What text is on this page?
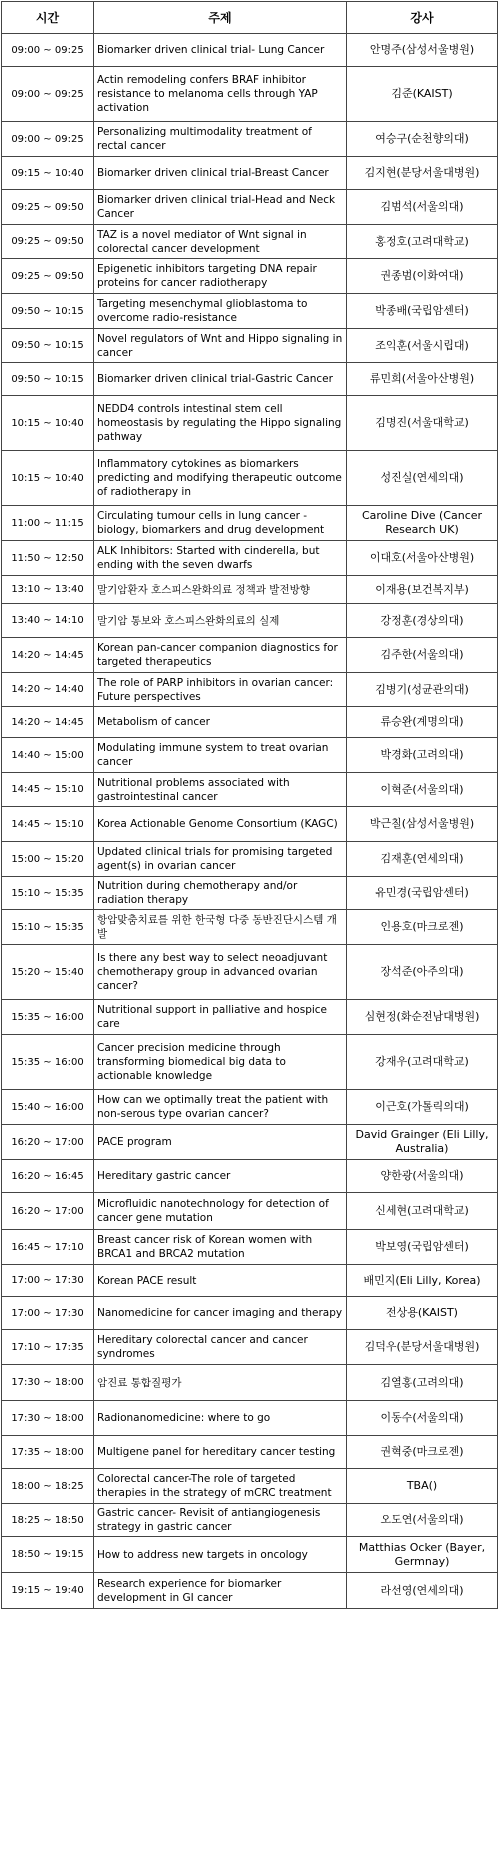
시간	주제	강사
09:00 ~ 09:25	Biomarker driven clinical trial- Lung Cancer	안명주(삼성서울병원)
09:00 ~ 09:25	Actin remodeling confers BRAF inhibitor resistance to melanoma cells through YAP activation	김준(KAIST)
09:00 ~ 09:25	Personalizing multimodality treatment of rectal cancer	여승구(순천향의대)
09:15 ~ 10:40	Biomarker driven clinical trial-Breast Cancer	김지현(분당서울대병원)
09:25 ~ 09:50	Biomarker driven clinical trial-Head and Neck Cancer	김범석(서울의대)
09:25 ~ 09:50	TAZ is a novel mediator of Wnt signal in colorectal cancer development	홍정호(고려대학교)
09:25 ~ 09:50	Epigenetic inhibitors targeting DNA repair proteins for cancer radiotherapy	권종범(이화여대)
09:50 ~ 10:15	Targeting mesenchymal glioblastoma to overcome radio-resistance	박종배(국립암센터)
09:50 ~ 10:15	Novel regulators of Wnt and Hippo signaling in cancer	조익훈(서울시립대)
09:50 ~ 10:15	Biomarker driven clinical trial-Gastric Cancer	류민희(서울아산병원)
10:15 ~ 10:40	NEDD4 controls intestinal stem cell homeostasis by regulating the Hippo signaling pathway	김명진(서울대학교)
10:15 ~ 10:40	Inflammatory cytokines as biomarkers predicting and modifying therapeutic outcome of radiotherapy in	성진실(연세의대)
11:00 ~ 11:15	Circulating tumour cells in lung cancer - biology, biomarkers and drug development	Caroline Dive (Cancer Research UK)
11:50 ~ 12:50	ALK Inhibitors: Started with cinderella, but ending with the seven dwarfs	이대호(서울아산병원)
13:10 ~ 13:40	말기암환자 호스피스완화의료 정책과 발전방향	이재용(보건복지부)
13:40 ~ 14:10	말기암 통보와 호스피스완화의료의 실제	강정훈(경상의대)
14:20 ~ 14:45	Korean pan-cancer companion diagnostics for targeted therapeutics	김주한(서울의대)
14:20 ~ 14:40	The role of PARP inhibitors in ovarian cancer: Future perspectives	김병기(성균관의대)
14:20 ~ 14:45	Metabolism of cancer	류승완(계명의대)
14:40 ~ 15:00	Modulating immune system to treat ovarian cancer	박경화(고려의대)
14:45 ~ 15:10	Nutritional problems associated with gastrointestinal cancer	이혁준(서울의대)
14:45 ~ 15:10	Korea Actionable Genome Consortium (KAGC)	박근칠(삼성서울병원)
15:00 ~ 15:20	Updated clinical trials for promising targeted agent(s) in ovarian cancer	김재훈(연세의대)
15:10 ~ 15:35	Nutrition during chemotherapy and/or radiation therapy	유민경(국립암센터)
15:10 ~ 15:35	항암맞춤치료를 위한 한국형 다중 동반진단시스템 개발	인용호(마크로젠)
15:20 ~ 15:40	Is there any best way to select neoadjuvant chemotherapy group in advanced ovarian cancer?	장석준(아주의대)
15:35 ~ 16:00	Nutritional support in palliative and hospice care	심현정(화순전남대병원)
15:35 ~ 16:00	Cancer precision medicine through transforming biomedical big data to actionable knowledge	강재우(고려대학교)
15:40 ~ 16:00	How can we optimally treat the patient with non-serous type ovarian cancer?	이근호(가톨릭의대)
16:20 ~ 17:00	PACE program	David Grainger (Eli Lilly, Australia)
16:20 ~ 16:45	Hereditary gastric cancer	양한광(서울의대)
16:20 ~ 17:00	Microfluidic nanotechnology for detection of cancer gene mutation	신세현(고려대학교)
16:45 ~ 17:10	Breast cancer risk of Korean women with BRCA1 and BRCA2 mutation	박보영(국립암센터)
17:00 ~ 17:30	Korean PACE result	배민지(Eli Lilly, Korea)
17:00 ~ 17:30	Nanomedicine for cancer imaging and therapy	전상용(KAIST)
17:10 ~ 17:35	Hereditary colorectal cancer and cancer syndromes	김덕우(분당서울대병원)
17:30 ~ 18:00	암진료 통합질평가	김열홍(고려의대)
17:30 ~ 18:00	Radionanomedicine: where to go	이동수(서울의대)
17:35 ~ 18:00	Multigene panel for hereditary cancer testing	권혁중(마크로젠)
18:00 ~ 18:25	Colorectal cancer-The role of targeted therapies in the strategy of mCRC treatment	TBA()
18:25 ~ 18:50	Gastric cancer- Revisit of antiangiogenesis strategy in gastric cancer	오도연(서울의대)
18:50 ~ 19:15	How to address new targets in oncology	Matthias Ocker (Bayer, Germnay)
19:15 ~ 19:40	Research experience for biomarker development in GI cancer	라선영(연세의대)
